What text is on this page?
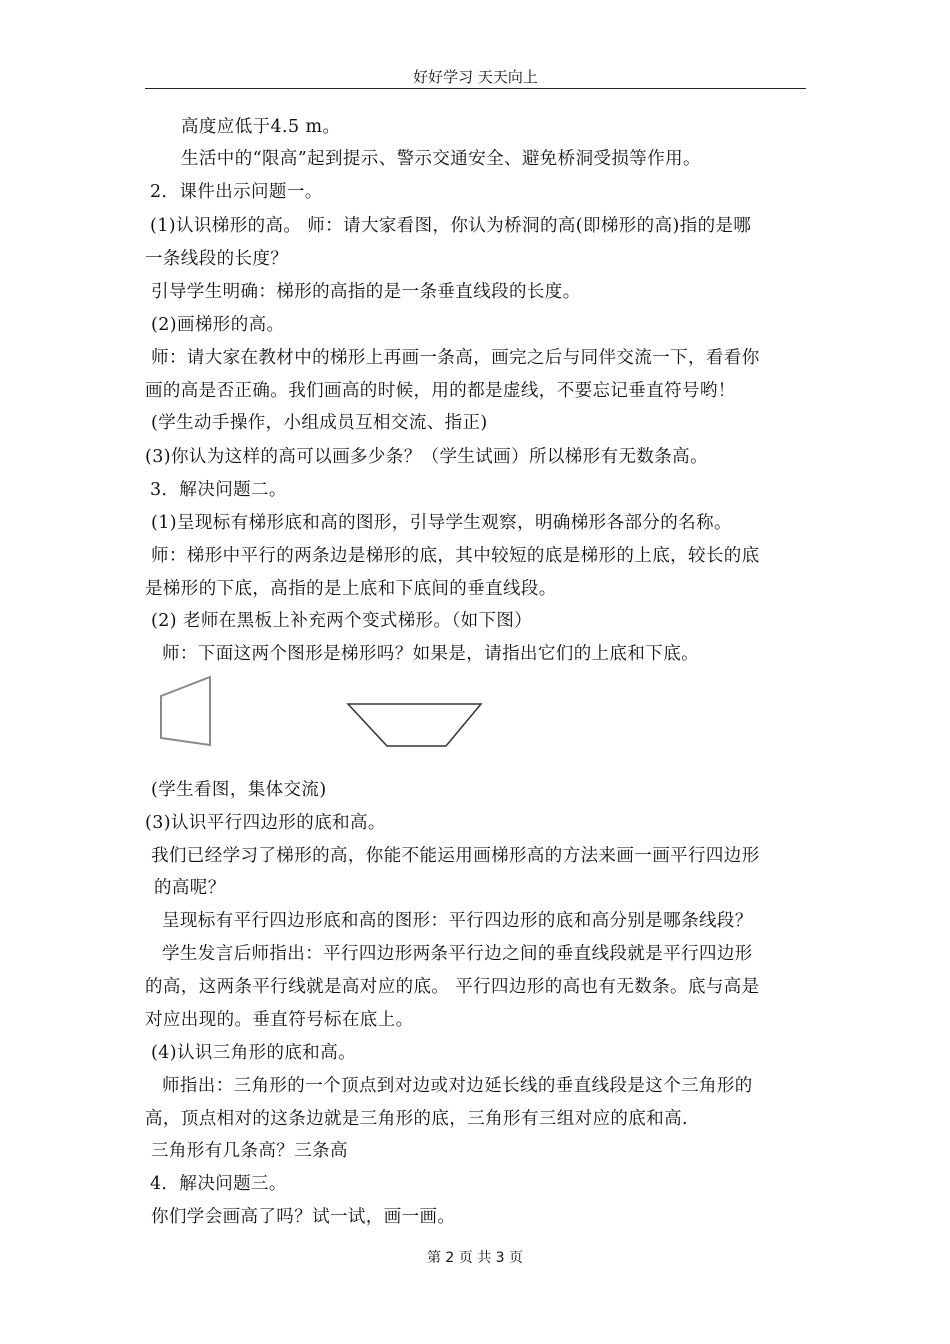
好好学习 天天向上
高度应低于4.5 m。
生活中的“限高”起到提示、警示交通安全、避免桥洞受损等作用。
2．课件出示问题一。
(1)认识梯形的高。 师：请大家看图，你认为桥洞的高(即梯形的高)指的是哪
一条线段的长度？
引导学生明确：梯形的高指的是一条垂直线段的长度。
(2)画梯形的高。
师：请大家在教材中的梯形上再画一条高，画完之后与同伴交流一下，看看你
画的高是否正确。我们画高的时候，用的都是虚线，不要忘记垂直符号哟！
(学生动手操作，小组成员互相交流、指正)
(3)你认为这样的高可以画多少条？（学生试画）所以梯形有无数条高。
3．解决问题二。
(1)呈现标有梯形底和高的图形，引导学生观察，明确梯形各部分的名称。
师：梯形中平行的两条边是梯形的底，其中较短的底是梯形的上底，较长的底
是梯形的下底，高指的是上底和下底间的垂直线段。
(2) 老师在黑板上补充两个变式梯形。（如下图）
师：下面这两个图形是梯形吗？如果是，请指出它们的上底和下底。
(学生看图，集体交流)
(3)认识平行四边形的底和高。
我们已经学习了梯形的高，你能不能运用画梯形高的方法来画一画平行四边形
的高呢？
呈现标有平行四边形底和高的图形：平行四边形的底和高分别是哪条线段？
学生发言后师指出：平行四边形两条平行边之间的垂直线段就是平行四边形
的高，这两条平行线就是高对应的底。 平行四边形的高也有无数条。底与高是
对应出现的。垂直符号标在底上。
(4)认识三角形的底和高。
师指出：三角形的一个顶点到对边或对边延长线的垂直线段是这个三角形的
高，顶点相对的这条边就是三角形的底，三角形有三组对应的底和高.
三角形有几条高？三条高
4．解决问题三。
你们学会画高了吗？试一试，画一画。
第 2 页 共 3 页
